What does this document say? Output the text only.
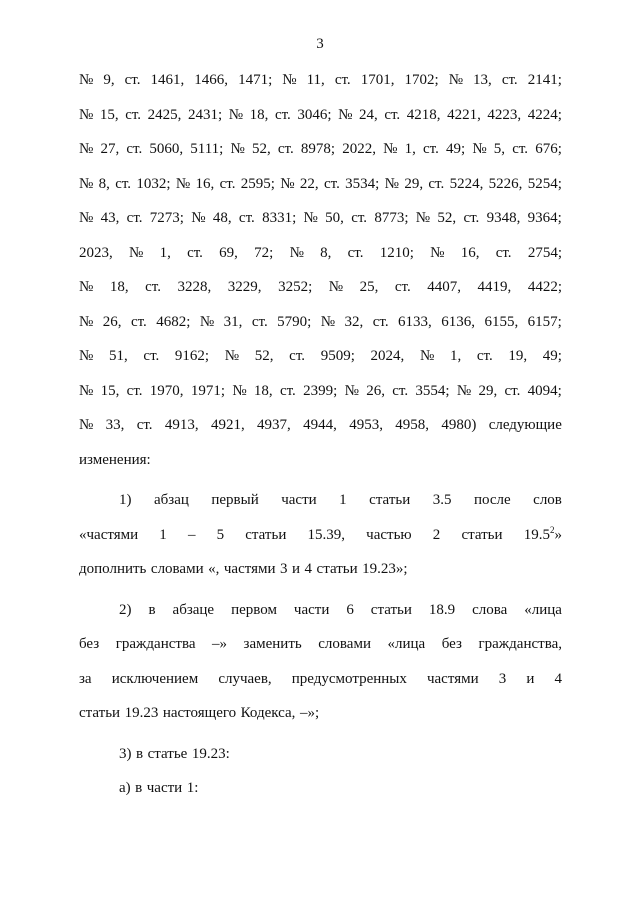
3
№ 9, ст. 1461, 1466, 1471; № 11, ст. 1701, 1702; № 13, ст. 2141;
№ 15, ст. 2425, 2431; № 18, ст. 3046; № 24, ст. 4218, 4221, 4223, 4224;
№ 27, ст. 5060, 5111; № 52, ст. 8978; 2022, № 1, ст. 49; № 5, ст. 676;
№ 8, ст. 1032; № 16, ст. 2595; № 22, ст. 3534; № 29, ст. 5224, 5226, 5254;
№ 43, ст. 7273; № 48, ст. 8331; № 50, ст. 8773; № 52, ст. 9348, 9364;
2023, № 1, ст. 69, 72; № 8, ст. 1210; № 16, ст. 2754;
№ 18, ст. 3228, 3229, 3252; № 25, ст. 4407, 4419, 4422;
№ 26, ст. 4682; № 31, ст. 5790; № 32, ст. 6133, 6136, 6155, 6157;
№ 51, ст. 9162; № 52, ст. 9509; 2024, № 1, ст. 19, 49;
№ 15, ст. 1970, 1971; № 18, ст. 2399; № 26, ст. 3554; № 29, ст. 4094;
№ 33, ст. 4913, 4921, 4937, 4944, 4953, 4958, 4980) следующие
изменения:
1) абзац первый части 1 статьи 3.5 после слов
«частями 1 – 5 статьи 15.39, частью 2 статьи 19.5$^2$»
дополнить словами «, частями 3 и 4 статьи 19.23»;
2) в абзаце первом части 6 статьи 18.9 слова «лица
без гражданства –» заменить словами «лица без гражданства,
за исключением случаев, предусмотренных частями 3 и 4
статьи 19.23 настоящего Кодекса, –»;
3) в статье 19.23:
а) в части 1:
